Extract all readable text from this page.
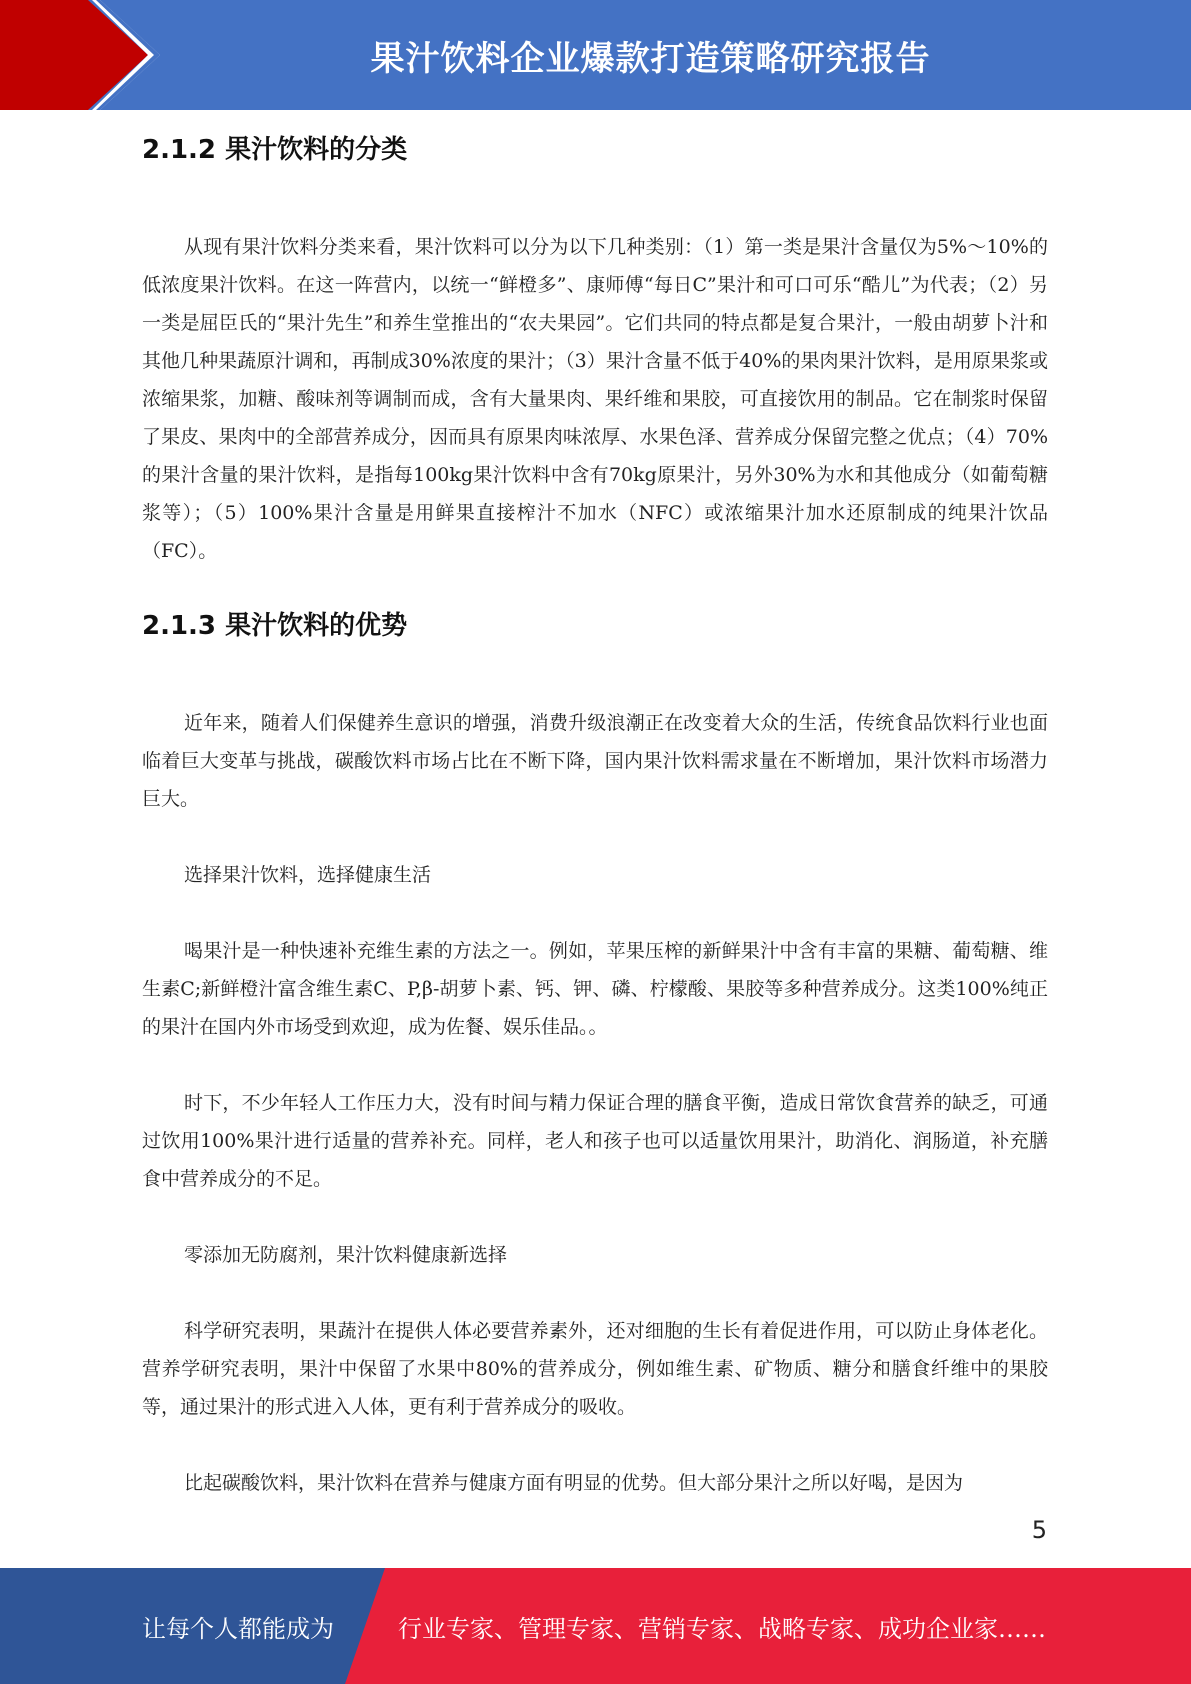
果汁饮料企业爆款打造策略研究报告
2.1.2 果汁饮料的分类

从现有果汁饮料分类来看，果汁饮料可以分为以下几种类别：（1）第一类是果汁含量仅为5%～10%的低浓度果汁饮料。在这一阵营内，以统一“鲜橙多”、康师傅“每日C”果汁和可口可乐“酷儿”为代表；（2）另一类是屈臣氏的“果汁先生”和养生堂推出的“农夫果园”。它们共同的特点都是复合果汁，一般由胡萝卜汁和其他几种果蔬原汁调和，再制成30%浓度的果汁；（3）果汁含量不低于40%的果肉果汁饮料，是用原果浆或浓缩果浆，加糖、酸味剂等调制而成，含有大量果肉、果纤维和果胶，可直接饮用的制品。它在制浆时保留了果皮、果肉中的全部营养成分，因而具有原果肉味浓厚、水果色泽、营养成分保留完整之优点；（4）70%的果汁含量的果汁饮料，是指每100kg果汁饮料中含有70kg原果汁，另外30%为水和其他成分（如葡萄糖浆等）；（5）100%果汁含量是用鲜果直接榨汁不加水（NFC）或浓缩果汁加水还原制成的纯果汁饮品（FC）。

2.1.3 果汁饮料的优势

近年来，随着人们保健养生意识的增强，消费升级浪潮正在改变着大众的生活，传统食品饮料行业也面临着巨大变革与挑战，碳酸饮料市场占比在不断下降，国内果汁饮料需求量在不断增加，果汁饮料市场潜力巨大。

选择果汁饮料，选择健康生活

喝果汁是一种快速补充维生素的方法之一。例如，苹果压榨的新鲜果汁中含有丰富的果糖、葡萄糖、维生素C;新鲜橙汁富含维生素C、P,β-胡萝卜素、钙、钾、磷、柠檬酸、果胶等多种营养成分。这类100%纯正的果汁在国内外市场受到欢迎，成为佐餐、娱乐佳品。。

时下，不少年轻人工作压力大，没有时间与精力保证合理的膳食平衡，造成日常饮食营养的缺乏，可通过饮用100%果汁进行适量的营养补充。同样，老人和孩子也可以适量饮用果汁，助消化、润肠道，补充膳食中营养成分的不足。

零添加无防腐剂，果汁饮料健康新选择

科学研究表明，果蔬汁在提供人体必要营养素外，还对细胞的生长有着促进作用，可以防止身体老化。营养学研究表明，果汁中保留了水果中80%的营养成分，例如维生素、矿物质、糖分和膳食纤维中的果胶等，通过果汁的形式进入人体，更有利于营养成分的吸收。

比起碳酸饮料，果汁饮料在营养与健康方面有明显的优势。但大部分果汁之所以好喝，是因为

5
让每个人都能成为	行业专家、管理专家、营销专家、战略专家、成功企业家……
